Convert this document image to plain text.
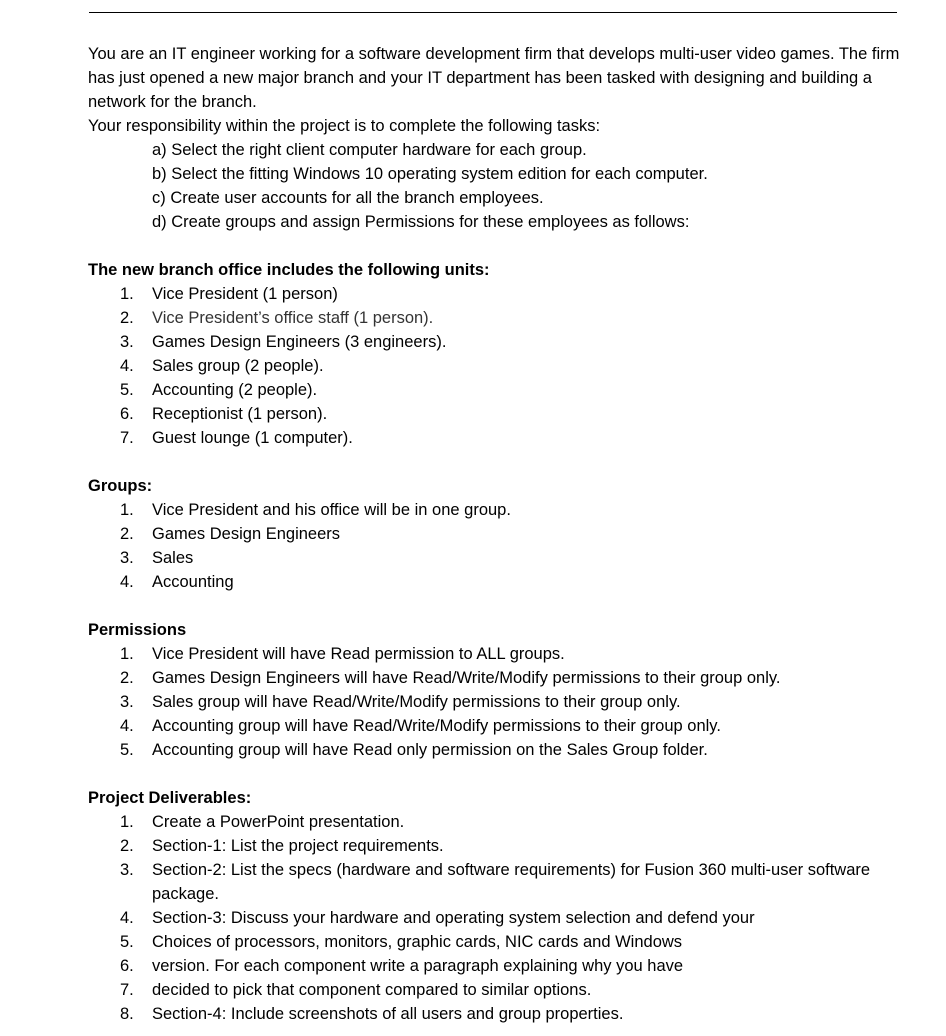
You are an IT engineer working for a software development firm that develops multi-user video games. The firm has just opened a new major branch and your IT department has been tasked with designing and building a network for the branch.

Your responsibility within the project is to complete the following tasks:

a) Select the right client computer hardware for each group.
b) Select the fitting Windows 10 operating system edition for each computer.
c) Create user accounts for all the branch employees.
d) Create groups and assign Permissions for these employees as follows:

The new branch office includes the following units:

1.	Vice President (1 person)
2.	Vice President’s office staff (1 person).
3.	Games Design Engineers (3 engineers).
4.	Sales group (2 people).
5.	Accounting (2 people).
6.	Receptionist (1 person).
7.	Guest lounge (1 computer).

Groups:

1.	Vice President and his office will be in one group.
2.	Games Design Engineers
3.	Sales
4.	Accounting

Permissions

1.	Vice President will have Read permission to ALL groups.
2.	Games Design Engineers will have Read/Write/Modify permissions to their group only.
3.	Sales group will have Read/Write/Modify permissions to their group only.
4.	Accounting group will have Read/Write/Modify permissions to their group only.
5.	Accounting group will have Read only permission on the Sales Group folder.

Project Deliverables:

1.	Create a PowerPoint presentation.
2.	Section-1: List the project requirements.
3.	Section-2: List the specs (hardware and software requirements) for Fusion 360 multi-user software package.
4.	Section-3: Discuss your hardware and operating system selection and defend your
5.	Choices of processors, monitors, graphic cards, NIC cards and Windows
6.	version. For each component write a paragraph explaining why you have
7.	decided to pick that component compared to similar options.
8.	Section-4: Include screenshots of all users and group properties.
